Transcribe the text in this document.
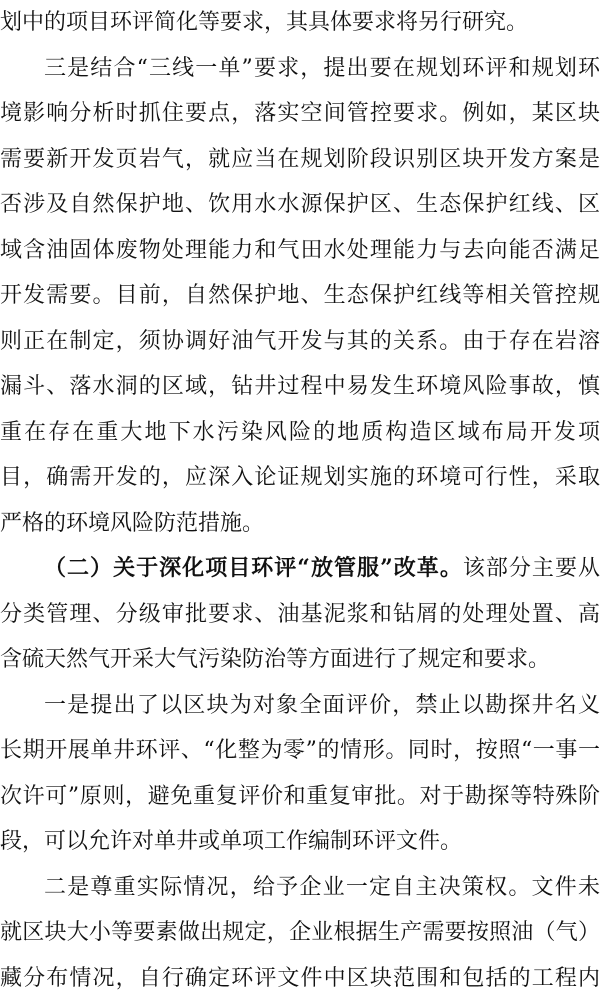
划中的项目环评简化等要求，其具体要求将另行研究。
三是结合“三线一单”要求，提出要在规划环评和规划环
境影响分析时抓住要点，落实空间管控要求。例如，某区块
需要新开发页岩气，就应当在规划阶段识别区块开发方案是
否涉及自然保护地、饮用水水源保护区、生态保护红线、区
域含油固体废物处理能力和气田水处理能力与去向能否满足
开发需要。目前，自然保护地、生态保护红线等相关管控规
则正在制定，须协调好油气开发与其的关系。由于存在岩溶
漏斗、落水洞的区域，钻井过程中易发生环境风险事故，慎
重在存在重大地下水污染风险的地质构造区域布局开发项
目，确需开发的，应深入论证规划实施的环境可行性，采取
严格的环境风险防范措施。
（二）关于深化项目环评“放管服”改革。该部分主要从
分类管理、分级审批要求、油基泥浆和钻屑的处理处置、高
含硫天然气开采大气污染防治等方面进行了规定和要求。
一是提出了以区块为对象全面评价，禁止以勘探井名义
长期开展单井环评、“化整为零”的情形。同时，按照“一事一
次许可”原则，避免重复评价和重复审批。对于勘探等特殊阶
段，可以允许对单井或单项工作编制环评文件。
二是尊重实际情况，给予企业一定自主决策权。文件未
就区块大小等要素做出规定，企业根据生产需要按照油（气）
藏分布情况，自行确定环评文件中区块范围和包括的工程内
